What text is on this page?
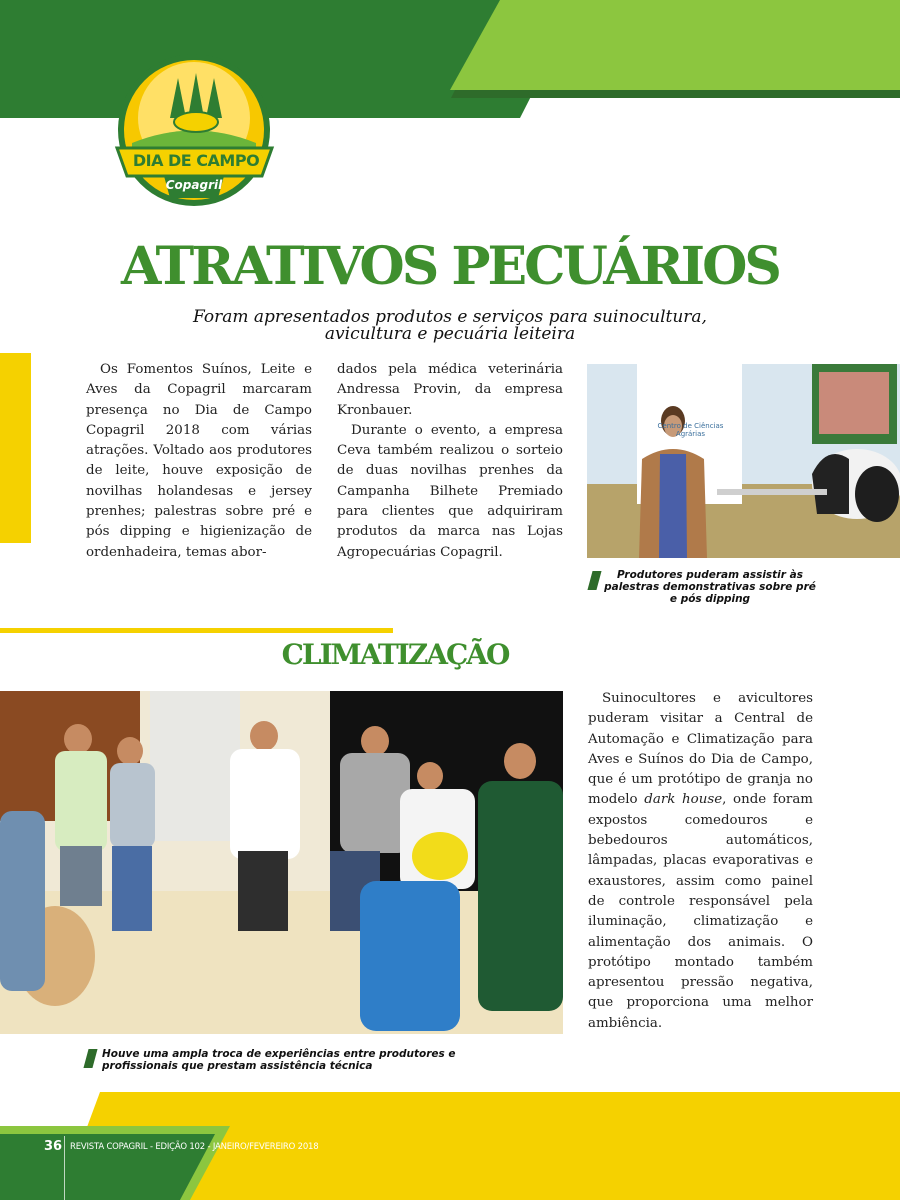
DIA DE CAMPO
Copagril
ATRATIVOS PECUÁRIOS
Foram apresentados produtos e serviços para suinocultura, avicultura e pecuária leiteira

Os Fomentos Suínos, Leite e Aves da Copagril marcaram presença no Dia de Campo Copagril 2018 com várias atrações. Voltado aos produtores de leite, houve exposição de novilhas holandesas e jersey prenhes; palestras sobre pré e pós dipping e higienização de ordenhadeira, temas abor-

dados pela médica veterinária Andressa Provin, da empresa Kronbauer.

Durante o evento, a empresa Ceva também realizou o sorteio de duas novilhas prenhes da Campanha Bilhete Premiado para clientes que adquiriram produtos da marca nas Lojas Agropecuárias Copagril.

Centro de Ciências Agrárias
Produtores puderam assistir às palestras demonstrativas sobre pré e pós dipping
CLIMATIZAÇÃO
Houve uma ampla troca de experiências entre produtores e profissionais que prestam assistência técnica

Suinocultores e avicultores puderam visitar a Central de Automação e Climatização para Aves e Suínos do Dia de Campo, que é um protótipo de granja no modelo dark house, onde foram expostos comedouros e bebedouros automáticos, lâmpadas, placas evaporativas e exaustores, assim como painel de controle responsável pela iluminação, climatização e alimentação dos animais. O protótipo montado também apresentou pressão negativa, que proporciona uma melhor ambiência.

36 REVISTA COPAGRIL - EDIÇÃO 102 - JANEIRO/FEVEREIRO 2018
